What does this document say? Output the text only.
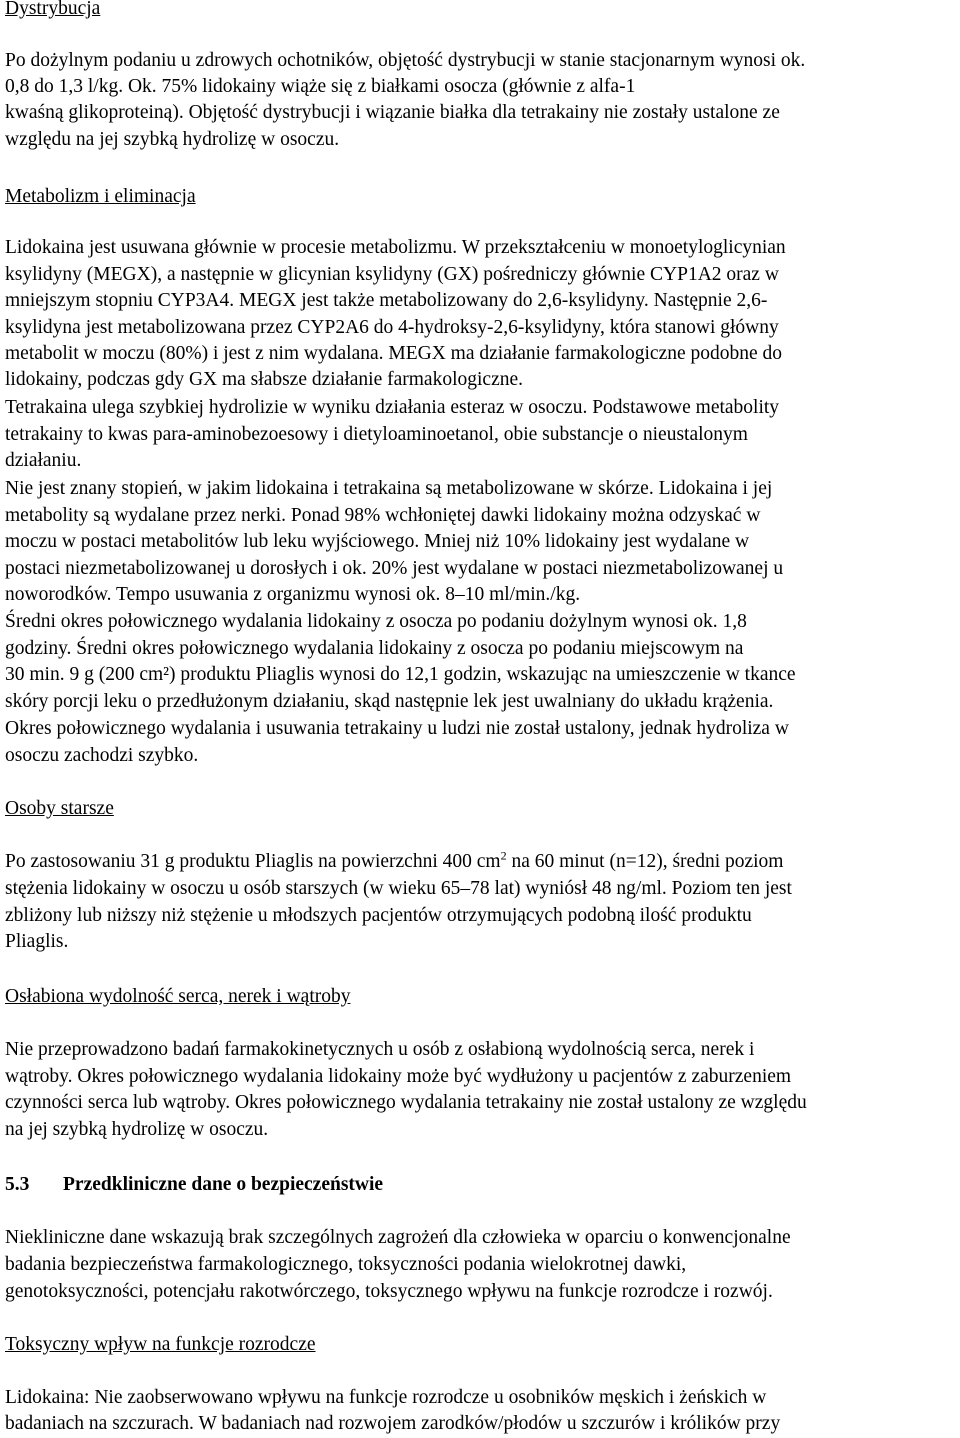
Dystrybucja
Po dożylnym podaniu u zdrowych ochotników, objętość dystrybucji w stanie stacjonarnym wynosi ok.
0,8 do 1,3 l/kg. Ok. 75% lidokainy wiąże się z białkami osocza (głównie z alfa-1
kwaśną glikoproteiną). Objętość dystrybucji i wiązanie białka dla tetrakainy nie zostały ustalone ze
względu na jej szybką hydrolizę w osoczu.
Metabolizm i eliminacja
Lidokaina jest usuwana głównie w procesie metabolizmu. W przekształceniu w monoetyloglicynian
ksylidyny (MEGX), a następnie w glicynian ksylidyny (GX) pośredniczy głównie CYP1A2 oraz w
mniejszym stopniu CYP3A4. MEGX jest także metabolizowany do 2,6-ksylidyny. Następnie 2,6-
ksylidyna jest metabolizowana przez CYP2A6 do 4-hydroksy-2,6-ksylidyny, która stanowi główny
metabolit w moczu (80%) i jest z nim wydalana. MEGX ma działanie farmakologiczne podobne do
lidokainy, podczas gdy GX ma słabsze działanie farmakologiczne.
Tetrakaina ulega szybkiej hydrolizie w wyniku działania esteraz w osoczu. Podstawowe metabolity
tetrakainy to kwas para-aminobezoesowy i dietyloaminoetanol, obie substancje o nieustalonym
działaniu.
Nie jest znany stopień, w jakim lidokaina i tetrakaina są metabolizowane w skórze. Lidokaina i jej
metabolity są wydalane przez nerki. Ponad 98% wchłoniętej dawki lidokainy można odzyskać w
moczu w postaci metabolitów lub leku wyjściowego. Mniej niż 10% lidokainy jest wydalane w
postaci niezmetabolizowanej u dorosłych i ok. 20% jest wydalane w postaci niezmetabolizowanej u
noworodków. Tempo usuwania z organizmu wynosi ok. 8–10 ml/min./kg.
Średni okres połowicznego wydalania lidokainy z osocza po podaniu dożylnym wynosi ok. 1,8
godziny. Średni okres połowicznego wydalania lidokainy z osocza po podaniu miejscowym na
30 min. 9 g (200 cm²) produktu Pliaglis wynosi do 12,1 godzin, wskazując na umieszczenie w tkance
skóry porcji leku o przedłużonym działaniu, skąd następnie lek jest uwalniany do układu krążenia.
Okres połowicznego wydalania i usuwania tetrakainy u ludzi nie został ustalony, jednak hydroliza w
osoczu zachodzi szybko.
Osoby starsze
Po zastosowaniu 31 g produktu Pliaglis na powierzchni 400 $cm^2$ na 60 minut (n=12), średni poziom
stężenia lidokainy w osoczu u osób starszych (w wieku 65–78 lat) wyniósł 48 ng/ml. Poziom ten jest
zbliżony lub niższy niż stężenie u młodszych pacjentów otrzymujących podobną ilość produktu
Pliaglis.
Osłabiona wydolność serca, nerek i wątroby
Nie przeprowadzono badań farmakokinetycznych u osób z osłabioną wydolnością serca, nerek i
wątroby. Okres połowicznego wydalania lidokainy może być wydłużony u pacjentów z zaburzeniem
czynności serca lub wątroby. Okres połowicznego wydalania tetrakainy nie został ustalony ze względu
na jej szybką hydrolizę w osoczu.
5.3 Przedkliniczne dane o bezpieczeństwie
Niekliniczne dane wskazują brak szczególnych zagrożeń dla człowieka w oparciu o konwencjonalne
badania bezpieczeństwa farmakologicznego, toksyczności podania wielokrotnej dawki,
genotoksyczności, potencjału rakotwórczego, toksycznego wpływu na funkcje rozrodcze i rozwój.
Toksyczny wpływ na funkcje rozrodcze
Lidokaina: Nie zaobserwowano wpływu na funkcje rozrodcze u osobników męskich i żeńskich w
badaniach na szczurach. W badaniach nad rozwojem zarodków/płodów u szczurów i królików przy
